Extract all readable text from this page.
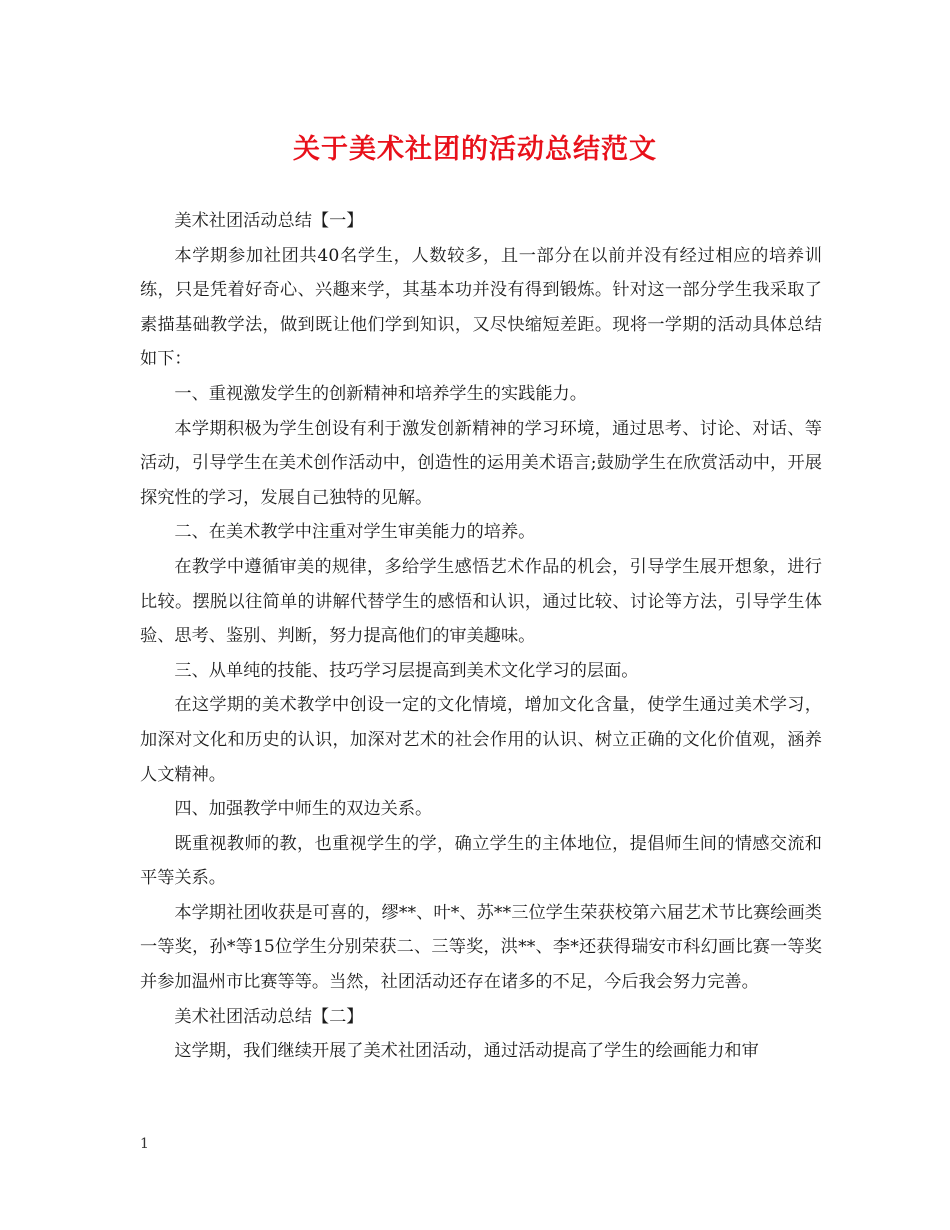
关于美术社团的活动总结范文

美术社团活动总结【一】

本学期参加社团共40名学生，人数较多，且一部分在以前并没有经过相应的培养训练，只是凭着好奇心、兴趣来学，其基本功并没有得到锻炼。针对这一部分学生我采取了素描基础教学法，做到既让他们学到知识，又尽快缩短差距。现将一学期的活动具体总结如下：

一、重视激发学生的创新精神和培养学生的实践能力。

本学期积极为学生创设有利于激发创新精神的学习环境，通过思考、讨论、对话、等活动，引导学生在美术创作活动中，创造性的运用美术语言;鼓励学生在欣赏活动中，开展探究性的学习，发展自己独特的见解。

二、在美术教学中注重对学生审美能力的培养。

在教学中遵循审美的规律，多给学生感悟艺术作品的机会，引导学生展开想象，进行比较。摆脱以往简单的讲解代替学生的感悟和认识，通过比较、讨论等方法，引导学生体验、思考、鉴别、判断，努力提高他们的审美趣味。

三、从单纯的技能、技巧学习层提高到美术文化学习的层面。

在这学期的美术教学中创设一定的文化情境，增加文化含量，使学生通过美术学习，加深对文化和历史的认识，加深对艺术的社会作用的认识、树立正确的文化价值观，涵养人文精神。

四、加强教学中师生的双边关系。

既重视教师的教，也重视学生的学，确立学生的主体地位，提倡师生间的情感交流和平等关系。

本学期社团收获是可喜的，缪**、叶*、苏**三位学生荣获校第六届艺术节比赛绘画类一等奖，孙*等15位学生分别荣获二、三等奖，洪**、李*还获得瑞安市科幻画比赛一等奖并参加温州市比赛等等。当然，社团活动还存在诸多的不足，今后我会努力完善。

美术社团活动总结【二】

这学期，我们继续开展了美术社团活动，通过活动提高了学生的绘画能力和审

1
